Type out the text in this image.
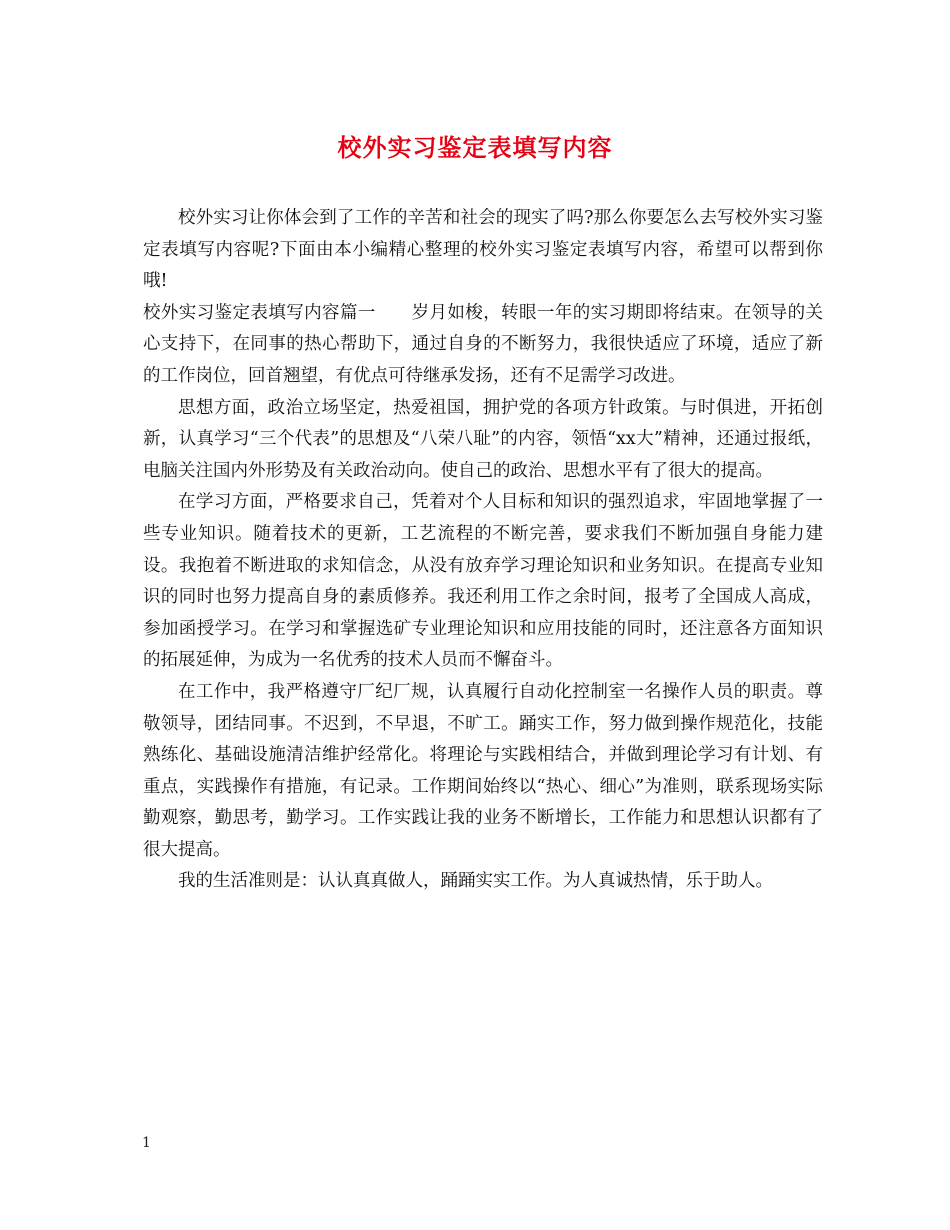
校外实习鉴定表填写内容

校外实习让你体会到了工作的辛苦和社会的现实了吗?那么你要怎么去写校外实习鉴定表填写内容呢?下面由本小编精心整理的校外实习鉴定表填写内容，希望可以帮到你哦!

校外实习鉴定表填写内容篇一　　岁月如梭，转眼一年的实习期即将结束。在领导的关心支持下，在同事的热心帮助下，通过自身的不断努力，我很快适应了环境，适应了新的工作岗位，回首翘望，有优点可待继承发扬，还有不足需学习改进。

思想方面，政治立场坚定，热爱祖国，拥护党的各项方针政策。与时俱进，开拓创新，认真学习“三个代表”的思想及“八荣八耻”的内容，领悟“xx大”精神，还通过报纸，电脑关注国内外形势及有关政治动向。使自己的政治、思想水平有了很大的提高。

在学习方面，严格要求自己，凭着对个人目标和知识的强烈追求，牢固地掌握了一些专业知识。随着技术的更新，工艺流程的不断完善，要求我们不断加强自身能力建设。我抱着不断进取的求知信念，从没有放弃学习理论知识和业务知识。在提高专业知识的同时也努力提高自身的素质修养。我还利用工作之余时间，报考了全国成人高成，参加函授学习。在学习和掌握选矿专业理论知识和应用技能的同时，还注意各方面知识的拓展延伸，为成为一名优秀的技术人员而不懈奋斗。

在工作中，我严格遵守厂纪厂规，认真履行自动化控制室一名操作人员的职责。尊敬领导，团结同事。不迟到，不早退，不旷工。踊实工作，努力做到操作规范化，技能熟练化、基础设施清洁维护经常化。将理论与实践相结合，并做到理论学习有计划、有重点，实践操作有措施，有记录。工作期间始终以“热心、细心”为准则，联系现场实际勤观察，勤思考，勤学习。工作实践让我的业务不断增长，工作能力和思想认识都有了很大提高。

我的生活准则是：认认真真做人，踊踊实实工作。为人真诚热情，乐于助人。

1
